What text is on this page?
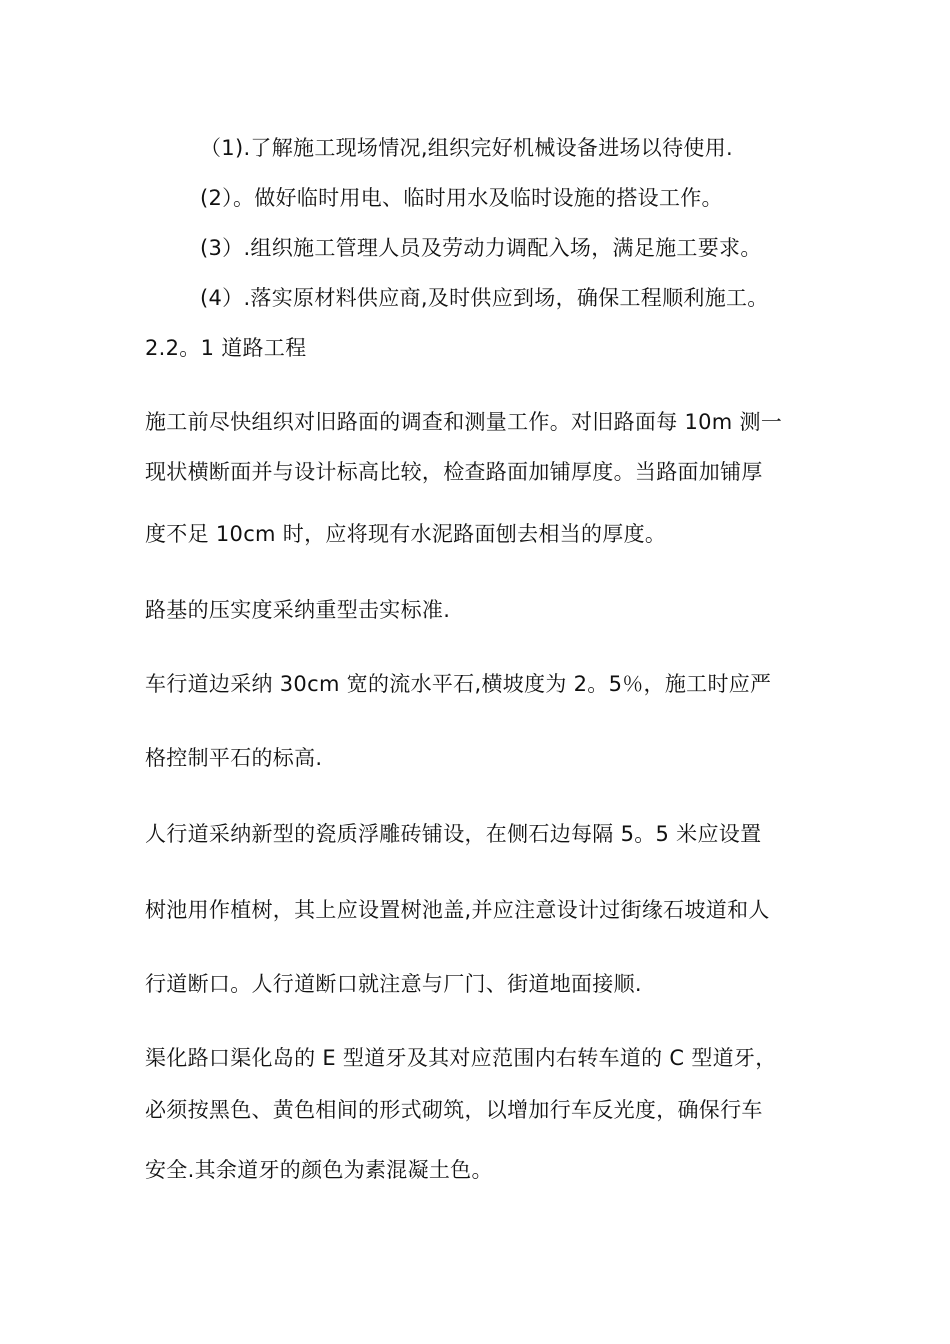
（1).了解施工现场情况,组织完好机械设备进场以待使用.
(2）。做好临时用电、临时用水及临时设施的搭设工作。
(3）.组织施工管理人员及劳动力调配入场，满足施工要求。
(4）.落实原材料供应商,及时供应到场，确保工程顺利施工。
2.2。1 道路工程
施工前尽快组织对旧路面的调查和测量工作。对旧路面每 10m 测一
现状横断面并与设计标高比较，检查路面加铺厚度。当路面加铺厚
度不足 10cm 时，应将现有水泥路面刨去相当的厚度。
路基的压实度采纳重型击实标准.
车行道边采纳 30cm 宽的流水平石,横坡度为 2。5％，施工时应严
格控制平石的标高.
人行道采纳新型的瓷质浮雕砖铺设，在侧石边每隔 5。5 米应设置
树池用作植树，其上应设置树池盖,并应注意设计过街缘石坡道和人
行道断口。人行道断口就注意与厂门、街道地面接顺.
渠化路口渠化岛的 E 型道牙及其对应范围内右转车道的 C 型道牙，
必须按黑色、黄色相间的形式砌筑，以增加行车反光度，确保行车
安全.其余道牙的颜色为素混凝土色。
